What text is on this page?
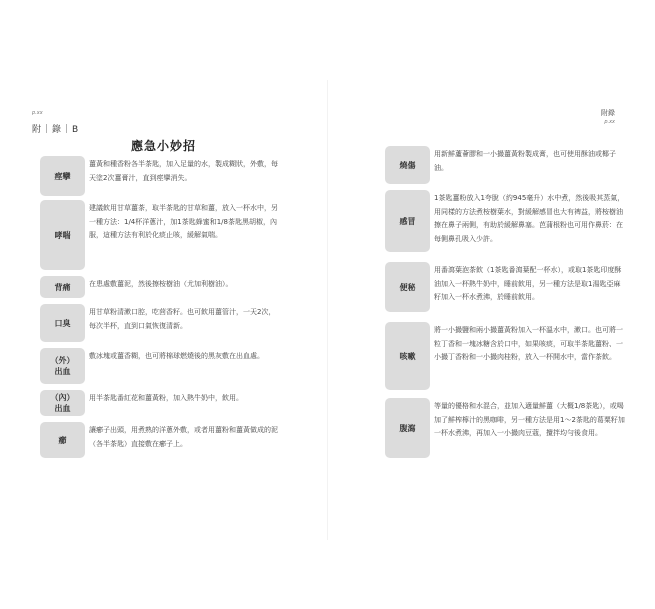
p.xx
附｜錄｜B
應急小妙招
痙攣
薑黃和種香粉各半茶匙，加入足量的水，製成糊狀，外敷，每天塗2次薑膏汁，直到痙攣消失。
哮喘
建議飲用甘草薑茶，取半茶匙的甘草和薑，放入一杯水中，另一種方法：1/4杯洋蔥汁，加1茶匙蜂蜜和1/8茶匙黑胡椒，內服，這種方法有利於化痰止咳，緩解氣喘。
背痛	在患處敷薑泥，然後擦桉樹油（尤加利樹油）。
口臭
用甘草粉清漱口腔，吃茴香籽。也可飲用薑管汁，一天2次，每次半杯，直到口氣恢復清新。
（外）
出血
敷冰塊或薑香糊，也可將棉球燃燒後的黑灰敷在出血處。
（內）
出血
用半茶匙番紅花和薑黃粉，加入熱牛奶中，飲用。
癤
讓癤子出頭，用煮熟的洋蔥外敷，或者用薑粉和薑黃做成的泥（各半茶匙）直接敷在癤子上。
附錄
p.xx
燒傷
用新鮮蘆薈膠和一小撮薑黃粉製成膏，也可使用酥油或椰子油。
感冒
1茶匙薑粉放入1夸脫（約945毫升）水中煮，然後吸其蒸氣，用同樣的方法煮桉樹葉水，對緩解感冒也大有裨益，將桉樹油擦在鼻子兩側，有助於緩解鼻塞。芭蒲根粉也可用作鼻菸：在每側鼻孔吸入少許。
便秘
用番瀉葉泡茶飲（1茶匙番瀉葉配一杯水），或取1茶匙印度酥油加入一杯熱牛奶中，睡前飲用，另一種方法是取1湯匙亞麻籽加入一杯水煮沸，於睡前飲用。
咳嗽
將一小撮鹽和兩小撮薑黃粉加入一杯溫水中，漱口。也可將一粒丁香和一塊冰糖含於口中，如果咳痰，可取半茶匙薑粉、一小撮丁香粉和一小撮肉桂粉，放入一杯開水中，當作茶飲。
腹瀉
等量的優格和水混合，並加入適量鮮薑（大概1/8茶匙），或喝加了鮮榨檸汁的黑咖啡，另一種方法是用1～2茶匙的葛粟籽加一杯水煮沸，再加入一小撮肉豆蔻，攪拌均勻後食用。
